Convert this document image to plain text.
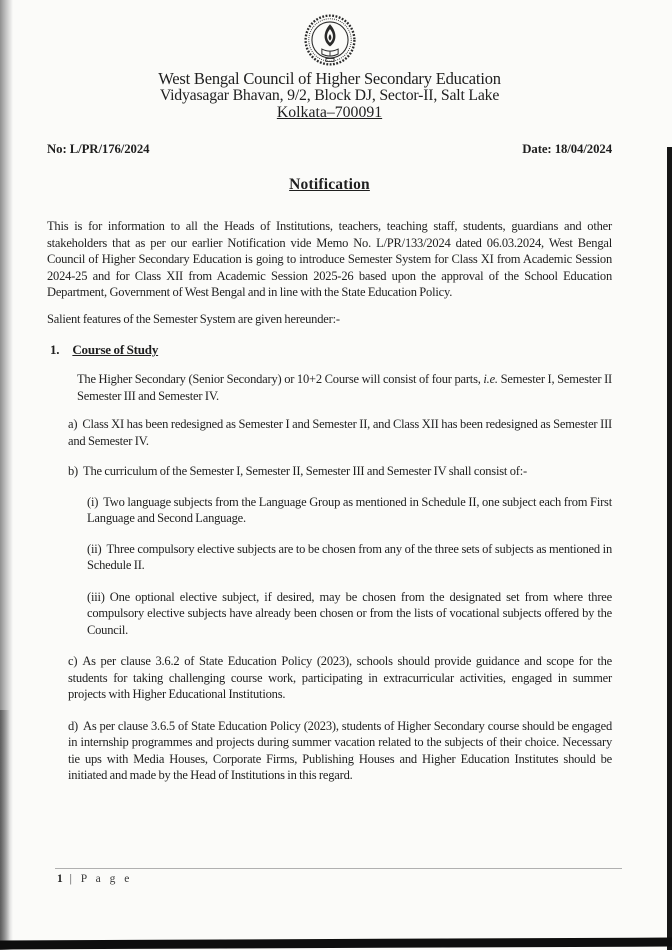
West Bengal Council of Higher Secondary Education
Vidyasagar Bhavan, 9/2, Block DJ, Sector-II, Salt Lake
Kolkata–700091
No: L/PR/176/2024	Date: 18/04/2024
Notification

This is for information to all the Heads of Institutions, teachers, teaching staff, students, guardians and other stakeholders that as per our earlier Notification vide Memo No. L/PR/133/2024 dated 06.03.2024, West Bengal Council of Higher Secondary Education is going to introduce Semester System for Class XI from Academic Session 2024-25 and for Class XII from Academic Session 2025-26 based upon the approval of the School Education Department, Government of West Bengal and in line with the State Education Policy.

Salient features of the Semester System are given hereunder:-

1. Course of Study

The Higher Secondary (Senior Secondary) or 10+2 Course will consist of four parts, i.e. Semester I, Semester II Semester III and Semester IV.

a) Class XI has been redesigned as Semester I and Semester II, and Class XII has been redesigned as Semester III and Semester IV.

b) The curriculum of the Semester I, Semester II, Semester III and Semester IV shall consist of:-

(i) Two language subjects from the Language Group as mentioned in Schedule II, one subject each from First Language and Second Language.

(ii) Three compulsory elective subjects are to be chosen from any of the three sets of subjects as mentioned in Schedule II.

(iii) One optional elective subject, if desired, may be chosen from the designated set from where three compulsory elective subjects have already been chosen or from the lists of vocational subjects offered by the Council.

c) As per clause 3.6.2 of State Education Policy (2023), schools should provide guidance and scope for the students for taking challenging course work, participating in extracurricular activities, engaged in summer projects with Higher Educational Institutions.

d) As per clause 3.6.5 of State Education Policy (2023), students of Higher Secondary course should be engaged in internship programmes and projects during summer vacation related to the subjects of their choice. Necessary tie ups with Media Houses, Corporate Firms, Publishing Houses and Higher Education Institutes should be initiated and made by the Head of Institutions in this regard.

1 | P a g e
